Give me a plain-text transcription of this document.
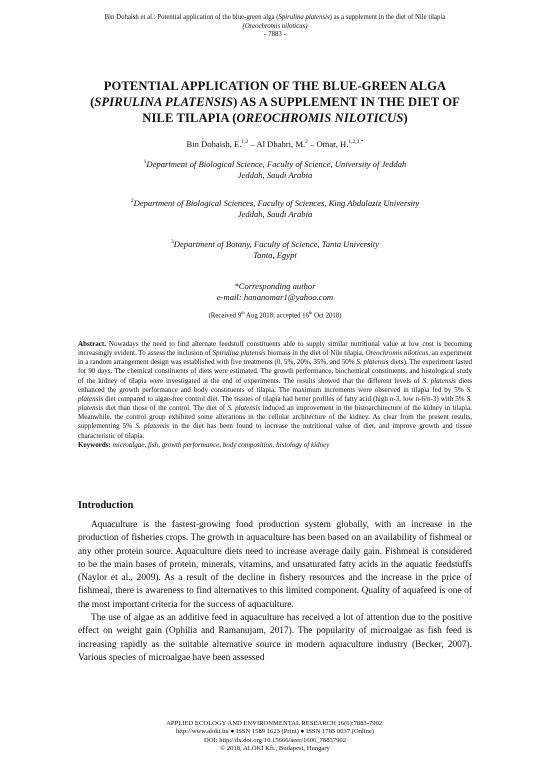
Bin Dohaish et al.: Potential application of the blue-green alga (Spirulina platensis) as a supplement in the diet of Nile tilapia
(Oreochromis niloticus)
- 7883 -
POTENTIAL APPLICATION OF THE BLUE-GREEN ALGA
(SPIRULINA PLATENSIS) AS A SUPPLEMENT IN THE DIET OF
NILE TILAPIA (OREOCHROMIS NILOTICUS)
Bin Dohaish, E.$^{1,2}$ – Al Dhahri, M.$^2$ – Omar, H.$^{1,2,3,*}$
$^1$Department of Biological Science, Faculty of Science, University of Jeddah
Jeddah, Saudi Arabia
$^2$Department of Biological Sciences, Faculty of Sciences, King Abdulaziz University
Jeddah, Saudi Arabia
$^3$Department of Botany, Faculty of Science, Tanta University
Tanta, Egypt
*Corresponding author
e-mail: hananomar1@yahoo.com
(Received 9th Aug 2018; accepted 16th Oct 2018)
Abstract. Nowadays the need to find alternate feedstuff constituents able to supply similar nutritional value at low cost is becoming increasingly evident. To assess the inclusion of Spirulina platensis biomass in the diet of Nile tilapia, Oreochromis niloticus, an experiment in a random arrangement design was established with five treatments (0, 5%, 20%, 35%, and 50% S. platensis diets). The experiment lasted for 90 days. The chemical constituents of diets were estimated. The growth performance, biochemical constituents, and histological study of the kidney of tilapia were investigated at the end of experiments. The results showed that the different levels of S. platensis diets enhanced the growth performance and body constituents of tilapia. The maximum increments were observed in tilapia fed by 5% S. platensis diet compared to algae-free control diet. The tissues of tilapia had better profiles of fatty acid (high n-3, low n-6/n-3) with 5% S. platensis diet than those of the control. The diet of S. platensis induced an improvement in the histoarchitecture of the kidney in tilapia. Meanwhile, the control group exhibited some alterations in the cellular architecture of the kidney. As clear from the present results, supplementing 5% S. platensis in the diet has been found to increase the nutritional value of diet, and improve growth and tissue characteristic of tilapia.
Keywords: microalgae, fish, growth performance, body composition, histology of kidney
Introduction

Aquaculture is the fastest-growing food production system globally, with an increase in the production of fisheries crops. The growth in aquaculture has been based on an availability of fishmeal or any other protein source. Aquaculture diets need to increase average daily gain. Fishmeal is considered to be the main bases of protein, minerals, vitamins, and unsaturated fatty acids in the aquatic feedstuffs (Naylor et al., 2009). As a result of the decline in fishery resources and the increase in the price of fishmeal, there is awareness to find alternatives to this limited component. Quality of aquafeed is one of the most important criteria for the success of aquaculture.

The use of algae as an additive feed in aquaculture has received a lot of attention due to the positive effect on weight gain (Ophilia and Ramanujam, 2017). The popularity of microalgae as fish feed is increasing rapidly as the suitable alternative source in modern aquaculture industry (Becker, 2007). Various species of microalgae have been assessed

APPLIED ECOLOGY AND ENVIRONMENTAL RESEARCH 16(6):7883-7902.
http://www.aloki.hu ● ISSN 1589 1623 (Print) ● ISSN 1785 0037 (Online)
DOI: http://dx.doi.org/10.15666/aeer/1606_78837902
© 2018, ALÖKI Kft., Budapest, Hungary
